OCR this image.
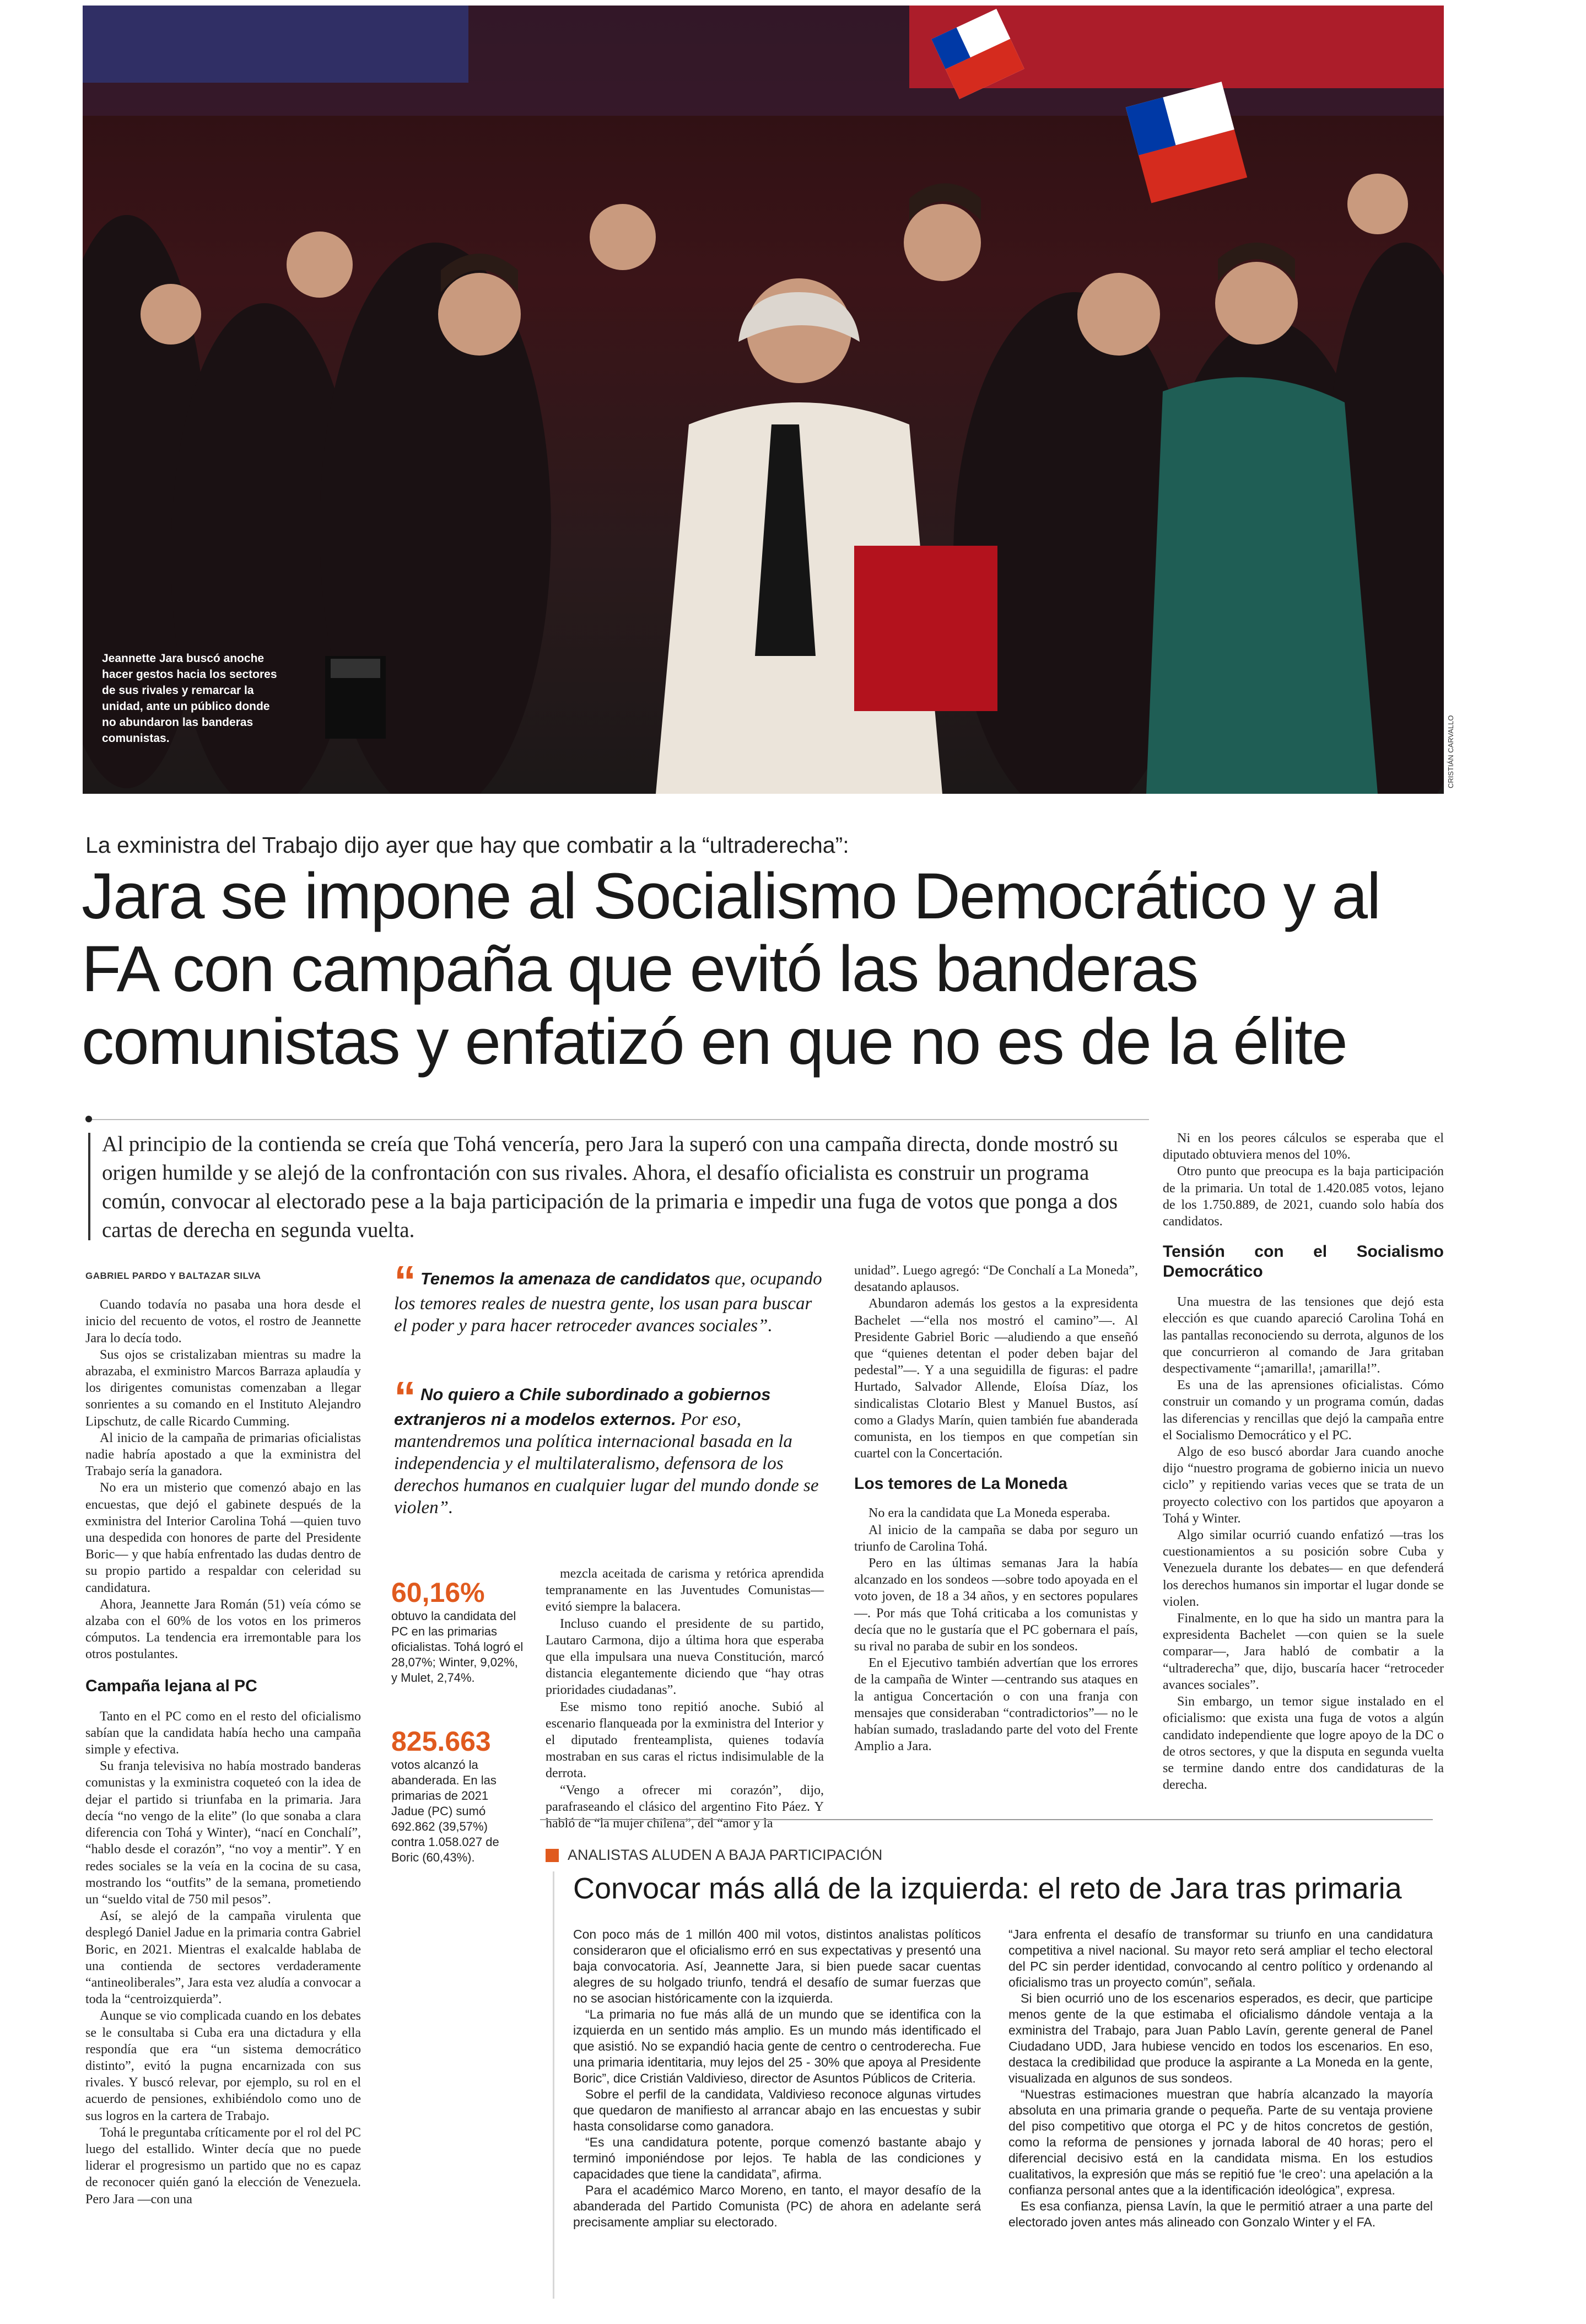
Jeannette Jara buscó anoche hacer gestos hacia los sectores de sus rivales y remarcar la unidad, ante un público donde no abundaron las banderas comunistas.	CRISTIÁN CARVALLO
La exministra del Trabajo dijo ayer que hay que combatir a la “ultraderecha”:
Jara se impone al Socialismo Democrático y al FA con campaña que evitó las banderas comunistas y enfatizó en que no es de la élite
Al principio de la contienda se creía que Tohá vencería, pero Jara la superó con una campaña directa, donde mostró su origen humilde y se alejó de la confrontación con sus rivales. Ahora, el desafío oficialista es construir un programa común, convocar al electorado pese a la baja participación de la primaria e impedir una fuga de votos que ponga a dos cartas de derecha en segunda vuelta.
GABRIEL PARDO Y BALTAZAR SILVA

Cuando todavía no pasaba una hora desde el inicio del recuento de votos, el rostro de Jeannette Jara lo decía todo.

Sus ojos se cristalizaban mientras su madre la abrazaba, el exministro Marcos Barraza aplaudía y los dirigentes comunistas comenzaban a llegar sonrientes a su comando en el Instituto Alejandro Lipschutz, de calle Ricardo Cumming.

Al inicio de la campaña de primarias oficialistas nadie habría apostado a que la exministra del Trabajo sería la ganadora.

No era un misterio que comenzó abajo en las encuestas, que dejó el gabinete después de la exministra del Interior Carolina Tohá —quien tuvo una despedida con honores de parte del Presidente Boric— y que había enfrentado las dudas dentro de su propio partido a respaldar con celeridad su candidatura.

Ahora, Jeannette Jara Román (51) veía cómo se alzaba con el 60% de los votos en los primeros cómputos. La tendencia era irremontable para los otros postulantes.

Campaña lejana al PC

Tanto en el PC como en el resto del oficialismo sabían que la candidata había hecho una campaña simple y efectiva.

Su franja televisiva no había mostrado banderas comunistas y la exministra coqueteó con la idea de dejar el partido si triunfaba en la primaria. Jara decía “no vengo de la elite” (lo que sonaba a clara diferencia con Tohá y Winter), “nací en Conchalí”, “hablo desde el corazón”, “no voy a mentir”. Y en redes sociales se la veía en la cocina de su casa, mostrando los “outfits” de la semana, prometiendo un “sueldo vital de 750 mil pesos”.

Así, se alejó de la campaña virulenta que desplegó Daniel Jadue en la primaria contra Gabriel Boric, en 2021. Mientras el exalcalde hablaba de una contienda de sectores verdaderamente “antineoliberales”, Jara esta vez aludía a convocar a toda la “centroizquierda”.

Aunque se vio complicada cuando en los debates se le consultaba si Cuba era una dictadura y ella respondía que era “un sistema democrático distinto”, evitó la pugna encarnizada con sus rivales. Y buscó relevar, por ejemplo, su rol en el acuerdo de pensiones, exhibiéndolo como uno de sus logros en la cartera de Trabajo.

Tohá le preguntaba críticamente por el rol del PC luego del estallido. Winter decía que no puede liderar el progresismo un partido que no es capaz de reconocer quién ganó la elección de Venezuela. Pero Jara —con una

“ Tenemos la amenaza de candidatos que, ocupando los temores reales de nuestra gente, los usan para buscar el poder y para hacer retroceder avances sociales”.
“ No quiero a Chile subordinado a gobiernos extranjeros ni a modelos externos. Por eso, mantendremos una política internacional basada en la independencia y el multilateralismo, defensora de los derechos humanos en cualquier lugar del mundo donde se violen”.
60,16%
obtuvo la candidata del PC en las primarias oficialistas. Tohá logró el 28,07%; Winter, 9,02%, y Mulet, 2,74%.
825.663
votos alcanzó la abanderada. En las primarias de 2021 Jadue (PC) sumó 692.862 (39,57%) contra 1.058.027 de Boric (60,43%).

mezcla aceitada de carisma y retórica aprendida tempranamente en las Juventudes Comunistas— evitó siempre la balacera.

Incluso cuando el presidente de su partido, Lautaro Carmona, dijo a última hora que esperaba que ella impulsara una nueva Constitución, marcó distancia elegantemente diciendo que “hay otras prioridades ciudadanas”.

Ese mismo tono repitió anoche. Subió al escenario flanqueada por la exministra del Interior y el diputado frenteamplista, quienes todavía mostraban en sus caras el rictus indisimulable de la derrota.

“Vengo a ofrecer mi corazón”, dijo, parafraseando el clásico del argentino Fito Páez. Y habló de “la mujer chilena”, del “amor y la

unidad”. Luego agregó: “De Conchalí a La Moneda”, desatando aplausos.

Abundaron además los gestos a la expresidenta Bachelet —“ella nos mostró el camino”—. Al Presidente Gabriel Boric —aludiendo a que enseñó que “quienes detentan el poder deben bajar del pedestal”—. Y a una seguidilla de figuras: el padre Hurtado, Salvador Allende, Eloísa Díaz, los sindicalistas Clotario Blest y Manuel Bustos, así como a Gladys Marín, quien también fue abanderada comunista, en los tiempos en que competían sin cuartel con la Concertación.

Los temores de La Moneda

No era la candidata que La Moneda esperaba.

Al inicio de la campaña se daba por seguro un triunfo de Carolina Tohá.

Pero en las últimas semanas Jara la había alcanzado en los sondeos —sobre todo apoyada en el voto joven, de 18 a 34 años, y en sectores populares—. Por más que Tohá criticaba a los comunistas y decía que no le gustaría que el PC gobernara el país, su rival no paraba de subir en los sondeos.

En el Ejecutivo también advertían que los errores de la campaña de Winter —centrando sus ataques en la antigua Concertación o con una franja con mensajes que consideraban “contradictorios”— no le habían sumado, trasladando parte del voto del Frente Amplio a Jara.

Ni en los peores cálculos se esperaba que el diputado obtuviera menos del 10%.

Otro punto que preocupa es la baja participación de la primaria. Un total de 1.420.085 votos, lejano de los 1.750.889, de 2021, cuando solo había dos candidatos.

Tensión con el Socialismo Democrático

Una muestra de las tensiones que dejó esta elección es que cuando apareció Carolina Tohá en las pantallas reconociendo su derrota, algunos de los que concurrieron al comando de Jara gritaban despectivamente “¡amarilla!, ¡amarilla!”.

Es una de las aprensiones oficialistas. Cómo construir un comando y un programa común, dadas las diferencias y rencillas que dejó la campaña entre el Socialismo Democrático y el PC.

Algo de eso buscó abordar Jara cuando anoche dijo “nuestro programa de gobierno inicia un nuevo ciclo” y repitiendo varias veces que se trata de un proyecto colectivo con los partidos que apoyaron a Tohá y Winter.

Algo similar ocurrió cuando enfatizó —tras los cuestionamientos a su posición sobre Cuba y Venezuela durante los debates— en que defenderá los derechos humanos sin importar el lugar donde se violen.

Finalmente, en lo que ha sido un mantra para la expresidenta Bachelet —con quien se la suele comparar—, Jara habló de combatir a la “ultraderecha” que, dijo, buscaría hacer “retroceder avances sociales”.

Sin embargo, un temor sigue instalado en el oficialismo: que exista una fuga de votos a algún candidato independiente que logre apoyo de la DC o de otros sectores, y que la disputa en segunda vuelta se termine dando entre dos candidaturas de la derecha.

ANALISTAS ALUDEN A BAJA PARTICIPACIÓN
Convocar más allá de la izquierda: el reto de Jara tras primaria

Con poco más de 1 millón 400 mil votos, distintos analistas políticos consideraron que el oficialismo erró en sus expectativas y presentó una baja convocatoria. Así, Jeannette Jara, si bien puede sacar cuentas alegres de su holgado triunfo, tendrá el desafío de sumar fuerzas que no se asocian históricamente con la izquierda.

“La primaria no fue más allá de un mundo que se identifica con la izquierda en un sentido más amplio. Es un mundo más identificado el que asistió. No se expandió hacia gente de centro o centroderecha. Fue una primaria identitaria, muy lejos del 25 - 30% que apoya al Presidente Boric”, dice Cristián Valdivieso, director de Asuntos Públicos de Criteria.

Sobre el perfil de la candidata, Valdivieso reconoce algunas virtudes que quedaron de manifiesto al arrancar abajo en las encuestas y subir hasta consolidarse como ganadora.

“Es una candidatura potente, porque comenzó bastante abajo y terminó imponiéndose por lejos. Te habla de las condiciones y capacidades que tiene la candidata”, afirma.

Para el académico Marco Moreno, en tanto, el mayor desafío de la abanderada del Partido Comunista (PC) de ahora en adelante será precisamente ampliar su electorado.

“Jara enfrenta el desafío de transformar su triunfo en una candidatura competitiva a nivel nacional. Su mayor reto será ampliar el techo electoral del PC sin perder identidad, convocando al centro político y ordenando al oficialismo tras un proyecto común”, señala.

Si bien ocurrió uno de los escenarios esperados, es decir, que participe menos gente de la que estimaba el oficialismo dándole ventaja a la exministra del Trabajo, para Juan Pablo Lavín, gerente general de Panel Ciudadano UDD, Jara hubiese vencido en todos los escenarios. En eso, destaca la credibilidad que produce la aspirante a La Moneda en la gente, visualizada en algunos de sus sondeos.

“Nuestras estimaciones muestran que habría alcanzado la mayoría absoluta en una primaria grande o pequeña. Parte de su ventaja proviene del piso competitivo que otorga el PC y de hitos concretos de gestión, como la reforma de pensiones y jornada laboral de 40 horas; pero el diferencial decisivo está en la candidata misma. En los estudios cualitativos, la expresión que más se repitió fue ‘le creo’: una apelación a la confianza personal antes que a la identificación ideológica”, expresa.

Es esa confianza, piensa Lavín, la que le permitió atraer a una parte del electorado joven antes más alineado con Gonzalo Winter y el FA.
